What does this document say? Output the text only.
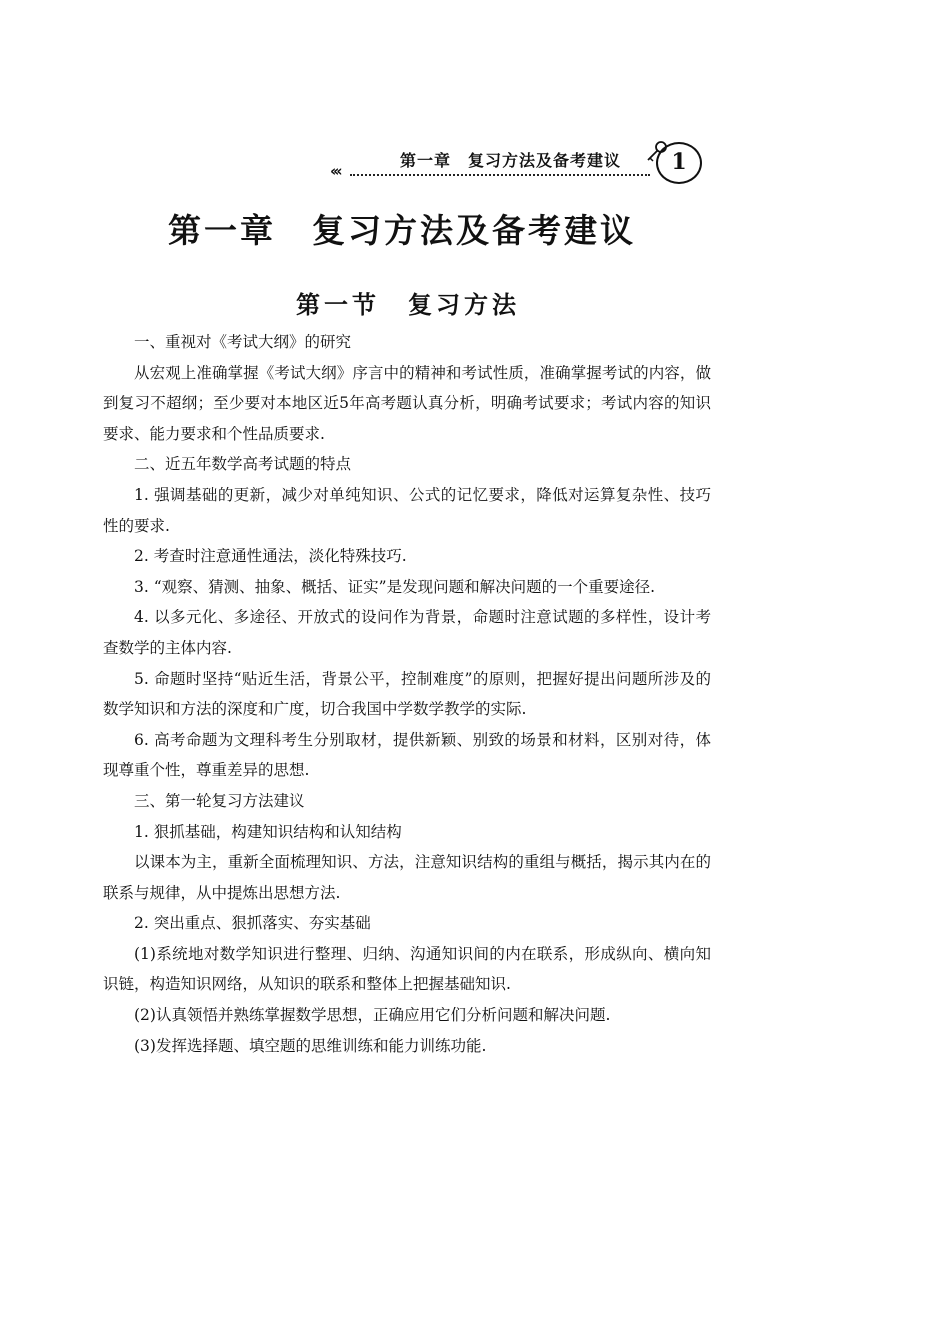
‹‹‹
第一章　复习方法及备考建议	1
第一章　复习方法及备考建议
第一节　复习方法

一、重视对《考试大纲》的研究

从宏观上准确掌握《考试大纲》序言中的精神和考试性质，准确掌握考试的内容，做到复习不超纲；至少要对本地区近5年高考题认真分析，明确考试要求；考试内容的知识要求、能力要求和个性品质要求.

二、近五年数学高考试题的特点

1. 强调基础的更新，减少对单纯知识、公式的记忆要求，降低对运算复杂性、技巧性的要求.

2. 考查时注意通性通法，淡化特殊技巧.

3. “观察、猜测、抽象、概括、证实”是发现问题和解决问题的一个重要途径.

4. 以多元化、多途径、开放式的设问作为背景，命题时注意试题的多样性，设计考查数学的主体内容.

5. 命题时坚持“贴近生活，背景公平，控制难度”的原则，把握好提出问题所涉及的数学知识和方法的深度和广度，切合我国中学数学教学的实际.

6. 高考命题为文理科考生分别取材，提供新颖、别致的场景和材料，区别对待，体现尊重个性，尊重差异的思想.

三、第一轮复习方法建议

1. 狠抓基础，构建知识结构和认知结构

以课本为主，重新全面梳理知识、方法，注意知识结构的重组与概括，揭示其内在的联系与规律，从中提炼出思想方法.

2. 突出重点、狠抓落实、夯实基础

(1)系统地对数学知识进行整理、归纳、沟通知识间的内在联系，形成纵向、横向知识链，构造知识网络，从知识的联系和整体上把握基础知识.

(2)认真领悟并熟练掌握数学思想，正确应用它们分析问题和解决问题.

(3)发挥选择题、填空题的思维训练和能力训练功能.
